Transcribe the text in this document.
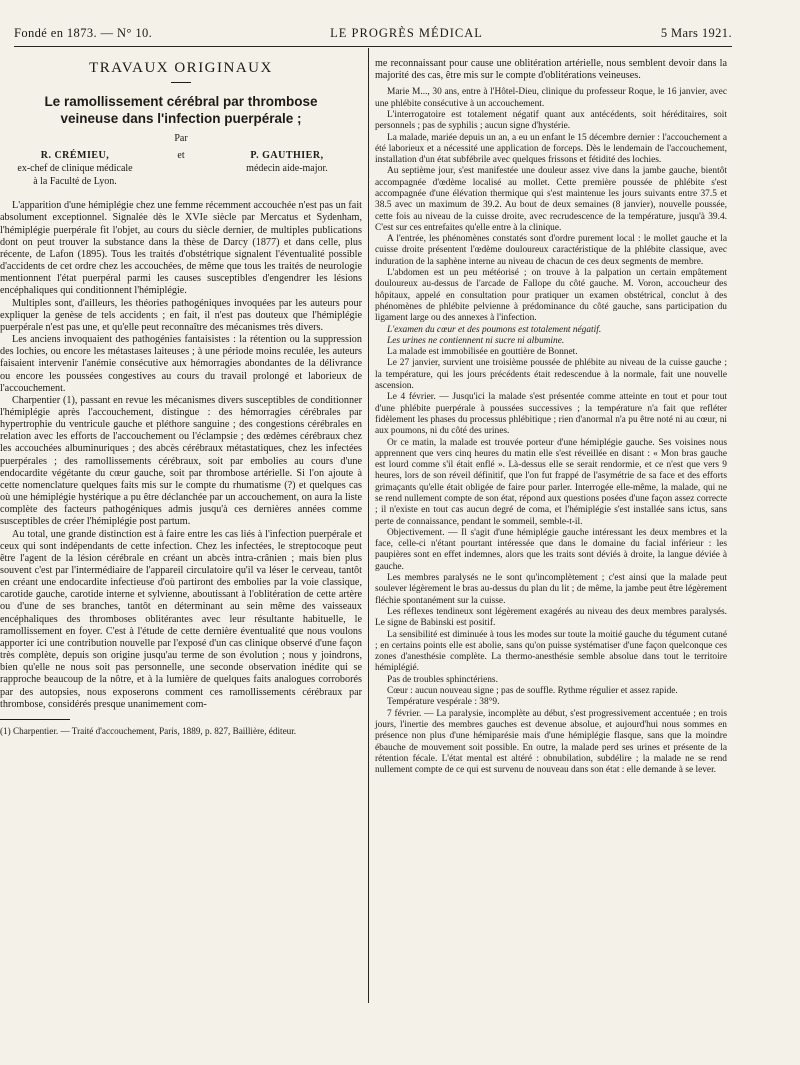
Fondé en 1873. — N° 10.	LE PROGRÈS MÉDICAL	5 Mars 1921.
TRAVAUX ORIGINAUX
Le ramollissement cérébral par thrombose
veineuse dans l'infection puerpérale ;
Par
R. CRÉMIEU,
ex-chef de clinique médicale
à la Faculté de Lyon.
et	P. GAUTHIER,
médecin aide-major.

L'apparition d'une hémiplégie chez une femme récemment accouchée n'est pas un fait absolument exceptionnel. Signalée dès le XVIe siècle par Mercatus et Sydenham, l'hémiplégie puerpérale fit l'objet, au cours du siècle dernier, de multiples publications dont on peut trouver la substance dans la thèse de Darcy (1877) et dans celle, plus récente, de Lafon (1895). Tous les traités d'obstétrique signalent l'éventualité possible d'accidents de cet ordre chez les accouchées, de même que tous les traités de neurologie mentionnent l'état puerpéral parmi les causes susceptibles d'engendrer les lésions encéphaliques qui conditionnent l'hémiplégie.

Multiples sont, d'ailleurs, les théories pathogéniques invoquées par les auteurs pour expliquer la genèse de tels accidents ; en fait, il n'est pas douteux que l'hémiplégie puerpérale n'est pas une, et qu'elle peut reconnaître des mécanismes très divers.

Les anciens invoquaient des pathogénies fantaisistes : la rétention ou la suppression des lochies, ou encore les métastases laiteuses ; à une période moins reculée, les auteurs faisaient intervenir l'anémie consécutive aux hémorragies abondantes de la délivrance ou encore les poussées congestives au cours du travail prolongé et laborieux de l'accouchement.

Charpentier (1), passant en revue les mécanismes divers susceptibles de conditionner l'hémiplégie après l'accouchement, distingue : des hémorragies cérébrales par hypertrophie du ventricule gauche et pléthore sanguine ; des congestions cérébrales en relation avec les efforts de l'accouchement ou l'éclampsie ; des œdèmes cérébraux chez les accouchées albuminuriques ; des abcès cérébraux métastatiques, chez les infectées puerpérales ; des ramollissements cérébraux, soit par embolies au cours d'une endocardite végétante du cœur gauche, soit par thrombose artérielle. Si l'on ajoute à cette nomenclature quelques faits mis sur le compte du rhumatisme (?) et quelques cas où une hémiplégie hystérique a pu être déclanchée par un accouchement, on aura la liste complète des facteurs pathogéniques admis jusqu'à ces dernières années comme susceptibles de créer l'hémiplégie post partum.

Au total, une grande distinction est à faire entre les cas liés à l'infection puerpérale et ceux qui sont indépendants de cette infection. Chez les infectées, le streptocoque peut être l'agent de la lésion cérébrale en créant un abcès intra-crânien ; mais bien plus souvent c'est par l'intermédiaire de l'appareil circulatoire qu'il va léser le cerveau, tantôt en créant une endocardite infectieuse d'où partiront des embolies par la voie classique, carotide gauche, carotide interne et sylvienne, aboutissant à l'oblitération de cette artère ou d'une de ses branches, tantôt en déterminant au sein même des vaisseaux encéphaliques des thromboses oblitérantes avec leur résultante habituelle, le ramollissement en foyer. C'est à l'étude de cette dernière éventualité que nous voulons apporter ici une contribution nouvelle par l'exposé d'un cas clinique observé d'une façon très complète, depuis son origine jusqu'au terme de son évolution ; nous y joindrons, bien qu'elle ne nous soit pas personnelle, une seconde observation inédite qui se rapproche beaucoup de la nôtre, et à la lumière de quelques faits analogues corroborés par des autopsies, nous exposerons comment ces ramollissements cérébraux par thrombose, considérés presque unanimement com-

(1) Charpentier. — Traité d'accouchement, Paris, 1889, p. 827, Baillière, éditeur.

me reconnaissant pour cause une oblitération artérielle, nous semblent devoir dans la majorité des cas, être mis sur le compte d'oblitérations veineuses.

Marie M..., 30 ans, entre à l'Hôtel-Dieu, clinique du professeur Roque, le 16 janvier, avec une phlébite consécutive à un accouchement.

L'interrogatoire est totalement négatif quant aux antécédents, soit héréditaires, soit personnels ; pas de syphilis ; aucun signe d'hystérie.

La malade, mariée depuis un an, a eu un enfant le 15 décembre dernier : l'accouchement a été laborieux et a nécessité une application de forceps. Dès le lendemain de l'accouchement, installation d'un état subfébrile avec quelques frissons et fétidité des lochies.

Au septième jour, s'est manifestée une douleur assez vive dans la jambe gauche, bientôt accompagnée d'œdème localisé au mollet. Cette première poussée de phlébite s'est accompagnée d'une élévation thermique qui s'est maintenue les jours suivants entre 37.5 et 38.5 avec un maximum de 39.2. Au bout de deux semaines (8 janvier), nouvelle poussée, cette fois au niveau de la cuisse droite, avec recrudescence de la température, jusqu'à 39.4. C'est sur ces entrefaites qu'elle entre à la clinique.

A l'entrée, les phénomènes constatés sont d'ordre purement local : le mollet gauche et la cuisse droite présentent l'œdème douloureux caractéristique de la phlébite classique, avec induration de la saphène interne au niveau de chacun de ces deux segments de membre.

L'abdomen est un peu météorisé ; on trouve à la palpation un certain empâtement douloureux au-dessus de l'arcade de Fallope du côté gauche. M. Voron, accoucheur des hôpitaux, appelé en consultation pour pratiquer un examen obstétrical, conclut à des phénomènes de phlébite pelvienne à prédominance du côté gauche, sans participation du ligament large ou des annexes à l'infection.

L'examen du cœur et des poumons est totalement négatif.

Les urines ne contiennent ni sucre ni albumine.

La malade est immobilisée en gouttière de Bonnet.

Le 27 janvier, survient une troisième poussée de phlébite au niveau de la cuisse gauche ; la température, qui les jours précédents était redescendue à la normale, fait une nouvelle ascension.

Le 4 février. — Jusqu'ici la malade s'est présentée comme atteinte en tout et pour tout d'une phlébite puerpérale à poussées successives ; la température n'a fait que refléter fidèlement les phases du processus phlébitique ; rien d'anormal n'a pu être noté ni au cœur, ni aux poumons, ni du côté des urines.

Or ce matin, la malade est trouvée porteur d'une hémiplégie gauche. Ses voisines nous apprennent que vers cinq heures du matin elle s'est réveillée en disant : « Mon bras gauche est lourd comme s'il était enflé ». Là-dessus elle se serait rendormie, et ce n'est que vers 9 heures, lors de son réveil définitif, que l'on fut frappé de l'asymétrie de sa face et des efforts grimaçants qu'elle était obligée de faire pour parler. Interrogée elle-même, la malade, qui ne se rend nullement compte de son état, répond aux questions posées d'une façon assez correcte ; il n'existe en tout cas aucun degré de coma, et l'hémiplégie s'est installée sans ictus, sans perte de connaissance, pendant le sommeil, semble-t-il.

Objectivement. — Il s'agit d'une hémiplégie gauche intéressant les deux membres et la face, celle-ci n'étant pourtant intéressée que dans le domaine du facial inférieur : les paupières sont en effet indemnes, alors que les traits sont déviés à droite, la langue déviée à gauche.

Les membres paralysés ne le sont qu'incomplètement ; c'est ainsi que la malade peut soulever légèrement le bras au-dessus du plan du lit ; de même, la jambe peut être légèrement fléchie spontanément sur la cuisse.

Les réflexes tendineux sont légèrement exagérés au niveau des deux membres paralysés. Le signe de Babinski est positif.

La sensibilité est diminuée à tous les modes sur toute la moitié gauche du tégument cutané ; en certains points elle est abolie, sans qu'on puisse systématiser d'une façon quelconque ces zones d'anesthésie complète. La thermo-anesthésie semble absolue dans tout le territoire hémiplégié.

Pas de troubles sphinctériens.

Cœur : aucun nouveau signe ; pas de souffle. Rythme régulier et assez rapide.

Température vespérale : 38°9.

7 février. — La paralysie, incomplète au début, s'est progressivement accentuée ; en trois jours, l'inertie des membres gauches est devenue absolue, et aujourd'hui nous sommes en présence non plus d'une hémiparésie mais d'une hémiplégie flasque, sans que la moindre ébauche de mouvement soit possible. En outre, la malade perd ses urines et présente de la rétention fécale. L'état mental est altéré : obnubilation, subdélire ; la malade ne se rend nullement compte de ce qui est survenu de nouveau dans son état : elle demande à se lever.
